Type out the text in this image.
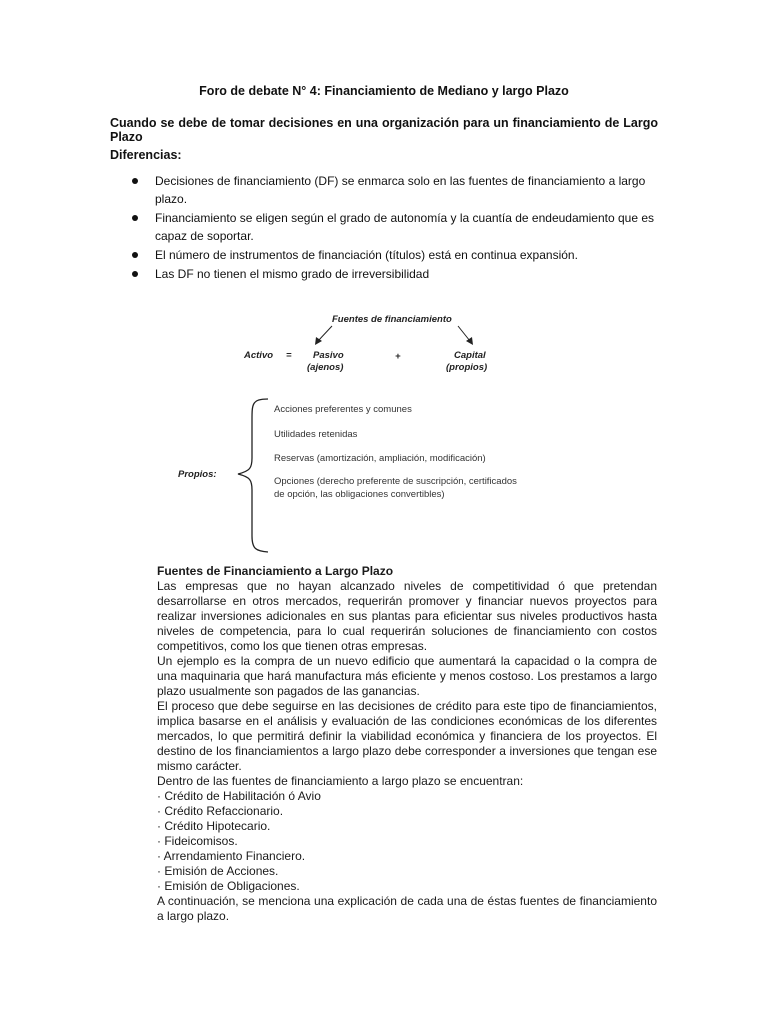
Foro de debate N° 4: Financiamiento de Mediano y largo Plazo
Cuando se debe de tomar decisiones en una organización para un financiamiento de Largo Plazo
Diferencias:
Decisiones de financiamiento (DF) se enmarca solo en las fuentes de financiamiento a largo plazo.
Financiamiento se eligen según el grado de autonomía y la cuantía de endeudamiento que es capaz de soportar.
El número de instrumentos de financiación (títulos) está en continua expansión.
Las DF no tienen el mismo grado de irreversibilidad
Fuentes de financiamiento
Activo = Pasivo
(ajenos)
+	Capital
(propios)
Propios:
Acciones preferentes y comunes
Utilidades retenidas
Reservas (amortización, ampliación, modificación)
Opciones (derecho preferente de suscripción, certificados de opción, las obligaciones convertibles)
Fuentes de Financiamiento a Largo Plazo

Las empresas que no hayan alcanzado niveles de competitividad ó que pretendan desarrollarse en otros mercados, requerirán promover y financiar nuevos proyectos para realizar inversiones adicionales en sus plantas para eficientar sus niveles productivos hasta niveles de competencia, para lo cual requerirán soluciones de financiamiento con costos competitivos, como los que tienen otras empresas.

Un ejemplo es la compra de un nuevo edificio que aumentará la capacidad o la compra de una maquinaria que hará manufactura más eficiente y menos costoso. Los prestamos a largo plazo usualmente son pagados de las ganancias.

El proceso que debe seguirse en las decisiones de crédito para este tipo de financiamientos, implica basarse en el análisis y evaluación de las condiciones económicas de los diferentes mercados, lo que permitirá definir la viabilidad económica y financiera de los proyectos. El destino de los financiamientos a largo plazo debe corresponder a inversiones que tengan ese mismo carácter.

Dentro de las fuentes de financiamiento a largo plazo se encuentran:

· Crédito de Habilitación ó Avio
· Crédito Refaccionario.
· Crédito Hipotecario.
· Fideicomisos.
· Arrendamiento Financiero.
· Emisión de Acciones.
· Emisión de Obligaciones.

A continuación, se menciona una explicación de cada una de éstas fuentes de financiamiento a largo plazo.
